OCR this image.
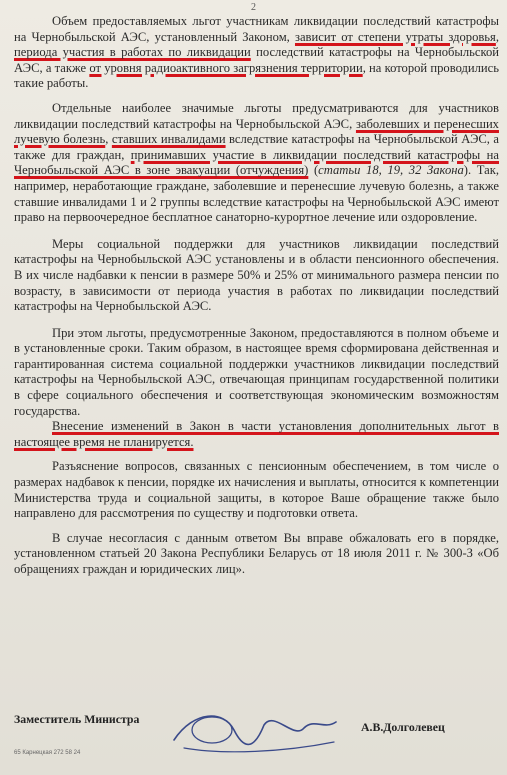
2

Объем предоставляемых льгот участникам ликвидации последствий катастрофы на Чернобыльской АЭС, установленный Законом, зависит от степени утраты здоровья, периода участия в работах по ликвидации последствий катастрофы на Чернобыльской АЭС, а также от уровня радиоактивного загрязнения территории, на которой проводились такие работы.

Отдельные наиболее значимые льготы предусматриваются для участников ликвидации последствий катастрофы на Чернобыльской АЭС, заболевших и перенесших лучевую болезнь, ставших инвалидами вследствие катастрофы на Чернобыльской АЭС, а также для граждан, принимавших участие в ликвидации последствий катастрофы на Чернобыльской АЭС в зоне эвакуации (отчуждения) (статьи 18, 19, 32 Закона). Так, например, неработающие граждане, заболевшие и перенесшие лучевую болезнь, а также ставшие инвалидами 1 и 2 группы вследствие катастрофы на Чернобыльской АЭС имеют право на первоочередное бесплатное санаторно-курортное лечение или оздоровление.

Меры социальной поддержки для участников ликвидации последствий катастрофы на Чернобыльской АЭС установлены и в области пенсионного обеспечения. В их числе надбавки к пенсии в размере 50% и 25% от минимального размера пенсии по возрасту, в зависимости от периода участия в работах по ликвидации последствий катастрофы на Чернобыльской АЭС.

При этом льготы, предусмотренные Законом, предоставляются в полном объеме и в установленные сроки. Таким образом, в настоящее время сформирована действенная и гарантированная система социальной поддержки участников ликвидации последствий катастрофы на Чернобыльской АЭС, отвечающая принципам государственной политики в сфере социального обеспечения и соответствующая экономическим возможностям государства.

Внесение изменений в Закон в части установления дополнительных льгот в настоящее время не планируется.

Разъяснение вопросов, связанных с пенсионным обеспечением, в том числе о размерах надбавок к пенсии, порядке их начисления и выплаты, относится к компетенции Министерства труда и социальной защиты, в которое Ваше обращение также было направлено для рассмотрения по существу и подготовки ответа.

В случае несогласия с данным ответом Вы вправе обжаловать его в порядке, установленном статьей 20 Закона Республики Беларусь от 18 июля 2011 г. № 300-З «Об обращениях граждан и юридических лиц».

Заместитель Министра
А.В.Долголевец
65 Карнецкая 272 58 24
